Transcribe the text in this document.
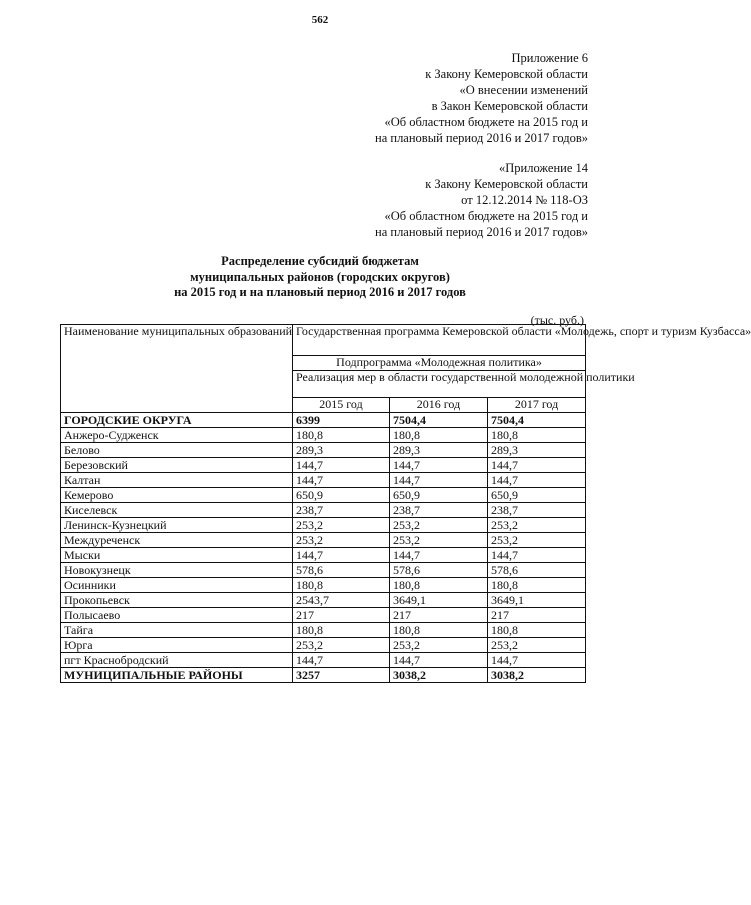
562
Приложение 6
к Закону Кемеровской области
«О внесении изменений
в Закон Кемеровской области
«Об областном бюджете на 2015 год и
на плановый период 2016 и 2017 годов»
«Приложение 14
к Закону Кемеровской области
от 12.12.2014 № 118-ОЗ
«Об областном бюджете на 2015 год и
на плановый период 2016 и 2017 годов»
Распределение субсидий бюджетам
муниципальных районов (городских округов)
на 2015 год и на плановый период 2016 и 2017 годов
(тыс. руб.)
Наименование муниципальных образований	Государственная программа Кемеровской области «Молодежь, спорт и туризм Кузбасса»		
	Подпрограмма «Молодежная политика»		
	Реализация мер в области государственной молодежной политики		
	2015 год	2016 год	2017 год
ГОРОДСКИЕ ОКРУГА	6399	7504,4	7504,4
Анжеро-Судженск	180,8	180,8	180,8
Белово	289,3	289,3	289,3
Березовский	144,7	144,7	144,7
Калтан	144,7	144,7	144,7
Кемерово	650,9	650,9	650,9
Киселевск	238,7	238,7	238,7
Ленинск-Кузнецкий	253,2	253,2	253,2
Междуреченск	253,2	253,2	253,2
Мыски	144,7	144,7	144,7
Новокузнецк	578,6	578,6	578,6
Осинники	180,8	180,8	180,8
Прокопьевск	2543,7	3649,1	3649,1
Полысаево	217	217	217
Тайга	180,8	180,8	180,8
Юрга	253,2	253,2	253,2
пгт Краснобродский	144,7	144,7	144,7
МУНИЦИПАЛЬНЫЕ РАЙОНЫ	3257	3038,2	3038,2
